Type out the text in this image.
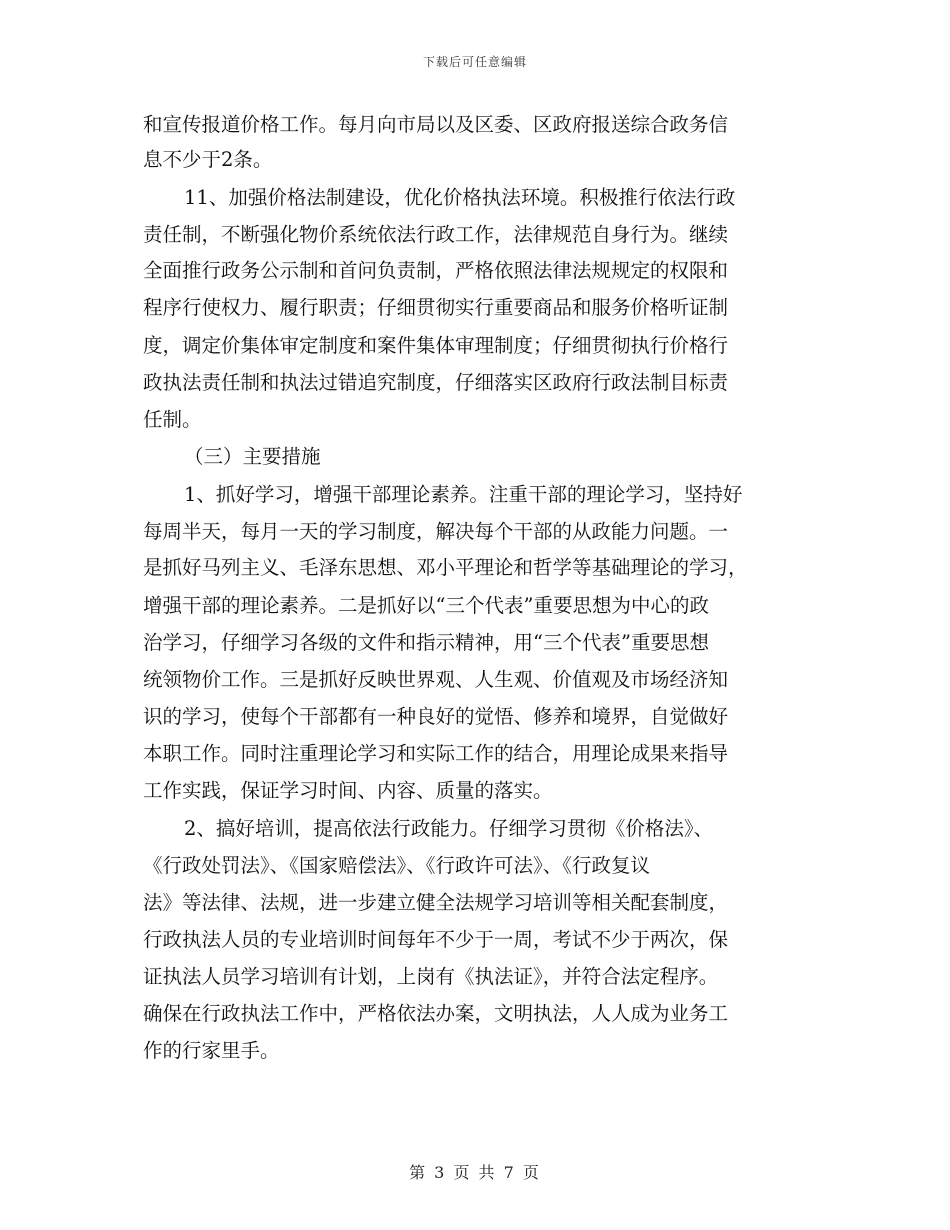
下载后可任意编辑
和宣传报道价格工作。每月向市局以及区委、区政府报送综合政务信
息不少于2条。
11、加强价格法制建设，优化价格执法环境。积极推行依法行政
责任制，不断强化物价系统依法行政工作，法律规范自身行为。继续
全面推行政务公示制和首问负责制，严格依照法律法规规定的权限和
程序行使权力、履行职责；仔细贯彻实行重要商品和服务价格听证制
度，调定价集体审定制度和案件集体审理制度；仔细贯彻执行价格行
政执法责任制和执法过错追究制度，仔细落实区政府行政法制目标责
任制。
（三）主要措施
1、抓好学习，增强干部理论素养。注重干部的理论学习，坚持好
每周半天，每月一天的学习制度，解决每个干部的从政能力问题。一
是抓好马列主义、毛泽东思想、邓小平理论和哲学等基础理论的学习，
增强干部的理论素养。二是抓好以“三个代表”重要思想为中心的政
治学习，仔细学习各级的文件和指示精神，用“三个代表”重要思想
统领物价工作。三是抓好反映世界观、人生观、价值观及市场经济知
识的学习，使每个干部都有一种良好的觉悟、修养和境界，自觉做好
本职工作。同时注重理论学习和实际工作的结合，用理论成果来指导
工作实践，保证学习时间、内容、质量的落实。
2、搞好培训，提高依法行政能力。仔细学习贯彻《价格法》、
《行政处罚法》、《国家赔偿法》、《行政许可法》、《行政复议
法》等法律、法规，进一步建立健全法规学习培训等相关配套制度，
行政执法人员的专业培训时间每年不少于一周，考试不少于两次，保
证执法人员学习培训有计划，上岗有《执法证》，并符合法定程序。
确保在行政执法工作中，严格依法办案，文明执法，人人成为业务工
作的行家里手。
第 3 页 共 7 页
